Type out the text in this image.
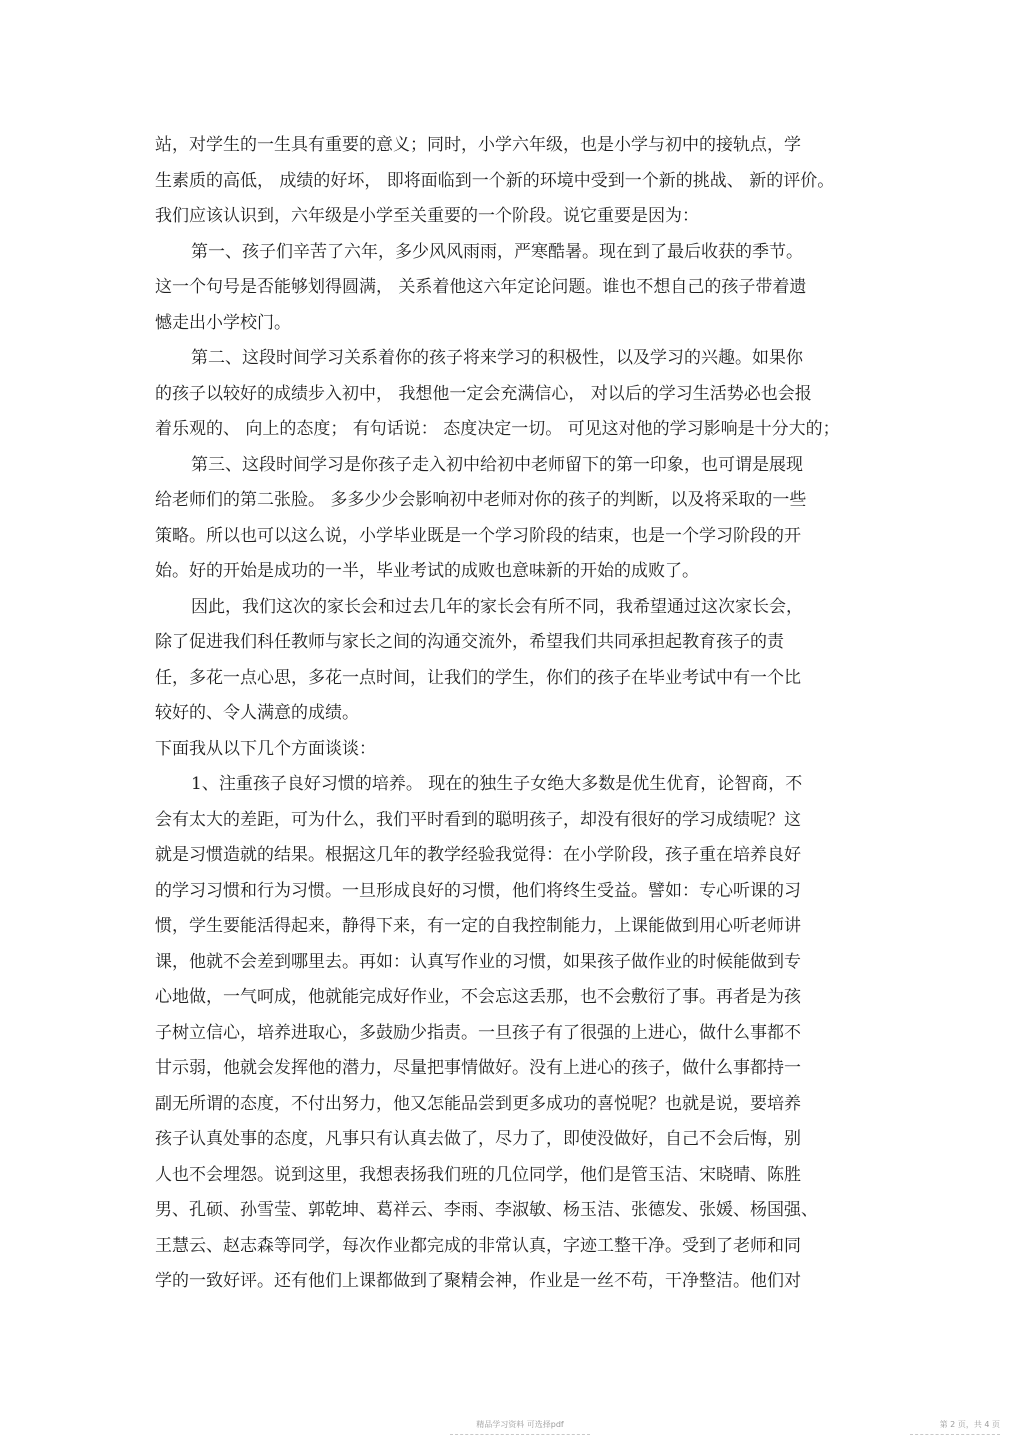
站，对学生的一生具有重要的意义；同时，小学六年级，也是小学与初中的接轨点，学
生素质的高低， 成绩的好坏， 即将面临到一个新的环境中受到一个新的挑战、 新的评价。
我们应该认识到，六年级是小学至关重要的一个阶段。说它重要是因为：
第一、孩子们辛苦了六年，多少风风雨雨，严寒酷暑。现在到了最后收获的季节。
这一个句号是否能够划得圆满， 关系着他这六年定论问题。谁也不想自己的孩子带着遗
憾走出小学校门。
第二、这段时间学习关系着你的孩子将来学习的积极性，以及学习的兴趣。如果你
的孩子以较好的成绩步入初中， 我想他一定会充满信心， 对以后的学习生活势必也会报
着乐观的、 向上的态度； 有句话说： 态度决定一切。 可见这对他的学习影响是十分大的；
第三、这段时间学习是你孩子走入初中给初中老师留下的第一印象，也可谓是展现
给老师们的第二张脸。 多多少少会影响初中老师对你的孩子的判断，以及将采取的一些
策略。所以也可以这么说，小学毕业既是一个学习阶段的结束，也是一个学习阶段的开
始。好的开始是成功的一半，毕业考试的成败也意味新的开始的成败了。
因此，我们这次的家长会和过去几年的家长会有所不同，我希望通过这次家长会，
除了促进我们科任教师与家长之间的沟通交流外，希望我们共同承担起教育孩子的责
任，多花一点心思，多花一点时间，让我们的学生，你们的孩子在毕业考试中有一个比
较好的、令人满意的成绩。
下面我从以下几个方面谈谈：
1、注重孩子良好习惯的培养。 现在的独生子女绝大多数是优生优育，论智商，不
会有太大的差距，可为什么，我们平时看到的聪明孩子，却没有很好的学习成绩呢？这
就是习惯造就的结果。根据这几年的教学经验我觉得：在小学阶段，孩子重在培养良好
的学习习惯和行为习惯。一旦形成良好的习惯，他们将终生受益。譬如：专心听课的习
惯，学生要能活得起来，静得下来，有一定的自我控制能力，上课能做到用心听老师讲
课，他就不会差到哪里去。再如：认真写作业的习惯，如果孩子做作业的时候能做到专
心地做，一气呵成，他就能完成好作业，不会忘这丢那，也不会敷衍了事。再者是为孩
子树立信心，培养进取心，多鼓励少指责。一旦孩子有了很强的上进心，做什么事都不
甘示弱，他就会发挥他的潜力，尽量把事情做好。没有上进心的孩子，做什么事都持一
副无所谓的态度，不付出努力，他又怎能品尝到更多成功的喜悦呢？也就是说，要培养
孩子认真处事的态度，凡事只有认真去做了，尽力了，即使没做好，自己不会后悔，别
人也不会埋怨。说到这里，我想表扬我们班的几位同学，他们是管玉洁、宋晓晴、陈胜
男、孔硕、孙雪莹、郭乾坤、葛祥云、李雨、李淑敏、杨玉洁、张德发、张媛、杨国强、
王慧云、赵志森等同学，每次作业都完成的非常认真，字迹工整干净。受到了老师和同
学的一致好评。还有他们上课都做到了聚精会神，作业是一丝不苟，干净整洁。他们对
精品学习资料 可选择pdf	第 2 页，共 4 页
